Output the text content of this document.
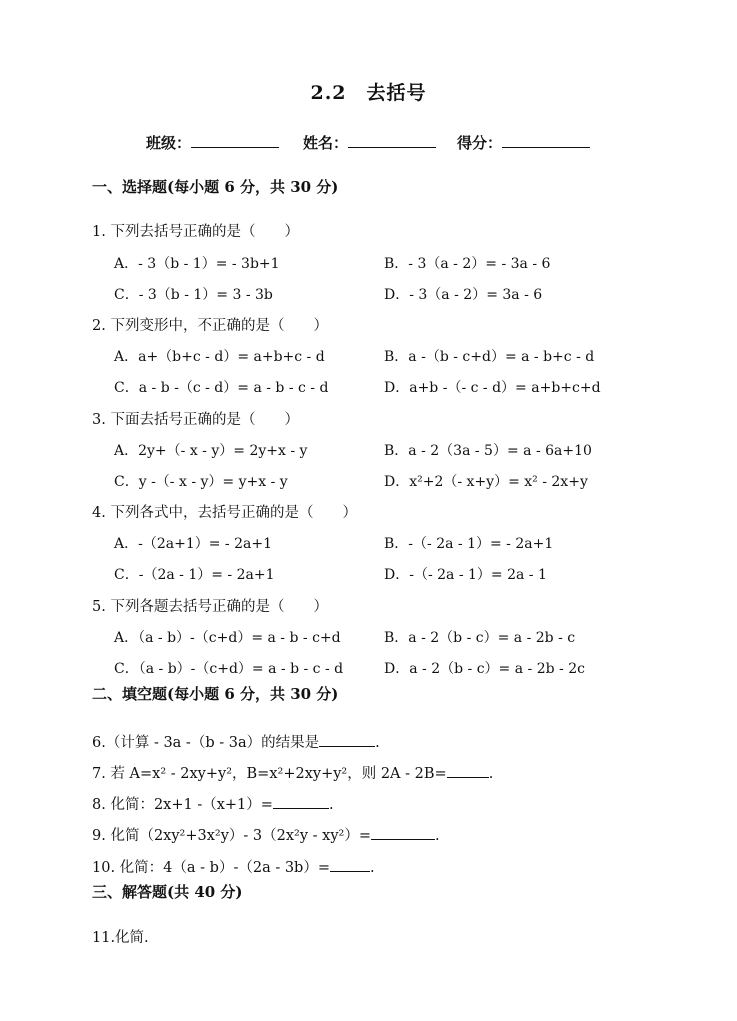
2.2　去括号
班级：	姓名：	得分：
一、选择题(每小题 6 分，共 30 分)
1. 下列去括号正确的是（　　）
A．- 3（b - 1）= - 3b+1	B．- 3（a - 2）= - 3a - 6
C．- 3（b - 1）= 3 - 3b	D．- 3（a - 2）= 3a - 6
2. 下列变形中，不正确的是（　　）
A．a+（b+c - d）= a+b+c - d	B．a -（b - c+d）= a - b+c - d
C．a - b -（c - d）= a - b - c - d	D．a+b -（- c - d）= a+b+c+d
3. 下面去括号正确的是（　　）
A．2y+（- x - y）= 2y+x - y	B．a - 2（3a - 5）= a - 6a+10
C．y -（- x - y）= y+x - y	D．x²+2（- x+y）= x² - 2x+y
4. 下列各式中，去括号正确的是（　　）
A．-（2a+1）= - 2a+1	B．-（- 2a - 1）= - 2a+1
C．-（2a - 1）= - 2a+1	D．-（- 2a - 1）= 2a - 1
5. 下列各题去括号正确的是（　　）
A．（a - b）-（c+d）= a - b - c+d	B．a - 2（b - c）= a - 2b - c
C．（a - b）-（c+d）= a - b - c - d	D．a - 2（b - c）= a - 2b - 2c
二、填空题(每小题 6 分，共 30 分)
6.（计算 - 3a -（b - 3a）的结果是	.
7. 若 A=x² - 2xy+y²，B=x²+2xy+y²，则 2A - 2B=	.
8. 化简：2x+1 -（x+1）=	.
9. 化简（2xy²+3x²y）- 3（2x²y - xy²）=	.
10. 化简：4（a - b）-（2a - 3b）=	.
三、解答题(共 40 分)
11.化简.
